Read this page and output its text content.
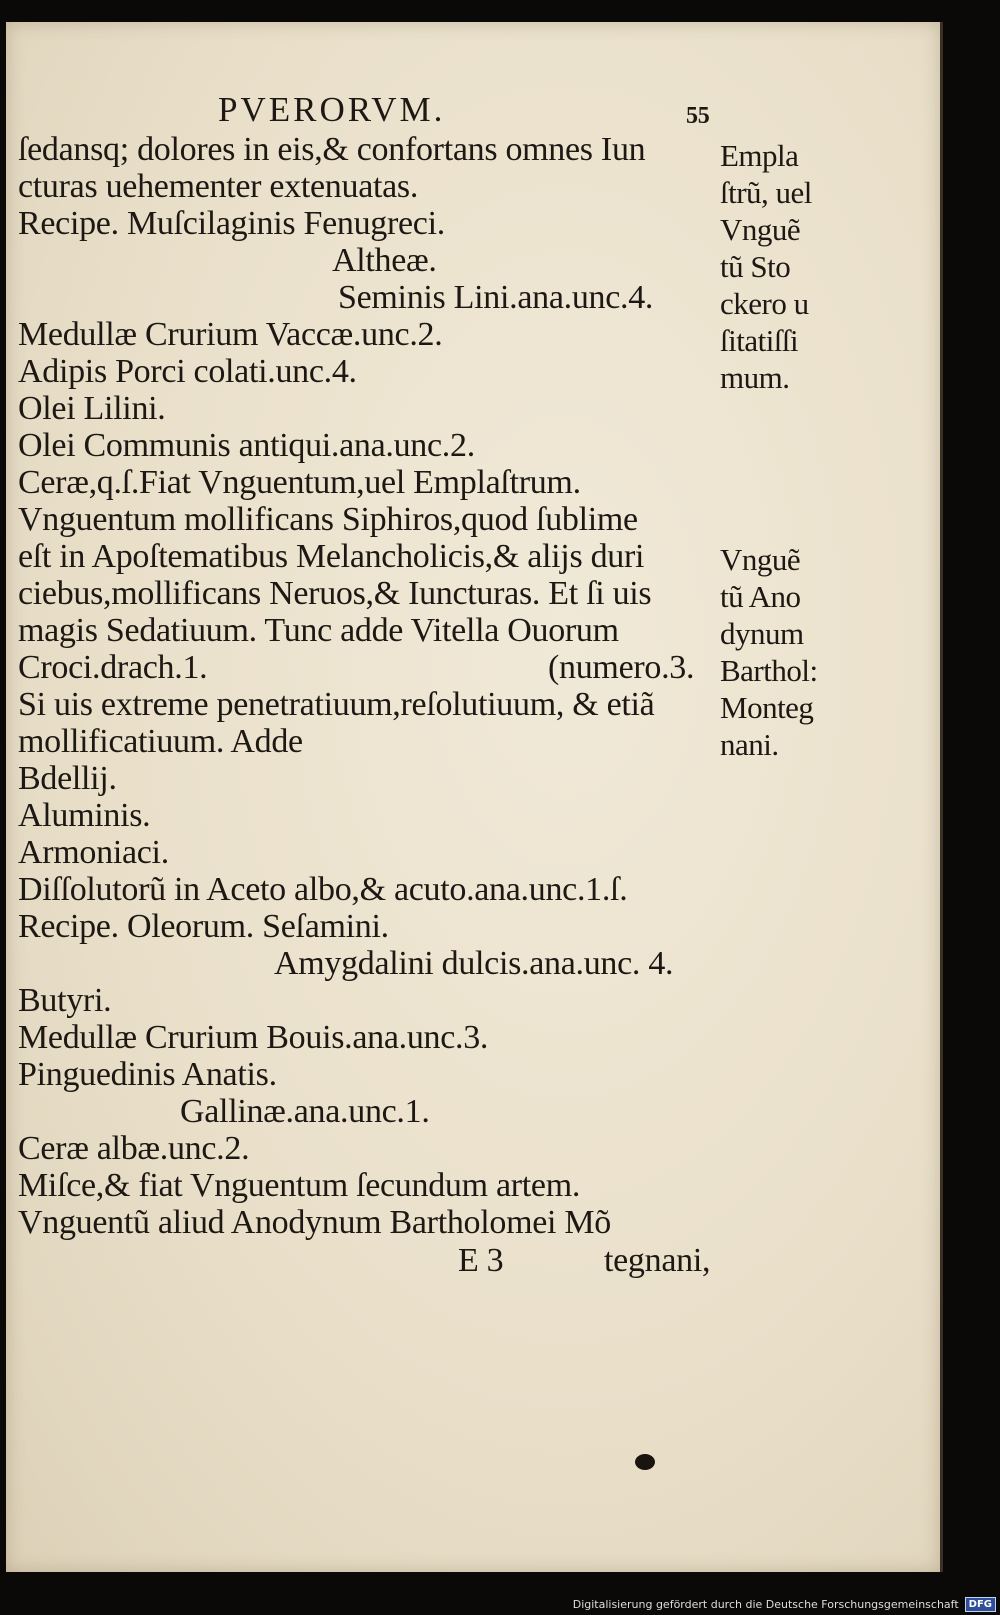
PVERORVM.	55
ſedansq; dolores in eis,& confortans omnes Iun
cturas uehementer extenuatas.
Recipe. Muſcilaginis Fenugreci.
Altheæ.
Seminis Lini.ana.unc.4.
Medullæ Crurium Vaccæ.unc.2.
Adipis Porci colati.unc.4.
Olei Lilini.
Olei Communis antiqui.ana.unc.2.
Ceræ,q.ſ.Fiat Vnguentum,uel Emplaſtrum.
Vnguentum mollificans Siphiros,quod ſublime
eſt in Apoſtematibus Melancholicis,& alijs duri
ciebus,mollificans Neruos,& Iuncturas. Et ſi uis
magis Sedatiuum. Tunc adde Vitella Ouorum
Croci.drach.1.	(numero.3.
Si uis extreme penetratiuum,reſolutiuum, & etiã
mollificatiuum. Adde
Bdellij.
Aluminis.
Armoniaci.
Diſſolutorũ in Aceto albo,& acuto.ana.unc.1.ſ.
Recipe. Oleorum. Seſamini.
Amygdalini dulcis.ana.unc. 4.
Butyri.
Medullæ Crurium Bouis.ana.unc.3.
Pinguedinis Anatis.
Gallinæ.ana.unc.1.
Ceræ albæ.unc.2.
Miſce,& fiat Vnguentum ſecundum artem.
Vnguentũ aliud Anodynum Bartholomei Mõ
E 3	tegnani,
Empla
ſtrũ, uel
Vnguẽ
tũ Sto
ckero u
ſitatiſſi
mum.
Vnguẽ
tũ Ano
dynum
Barthol:
Monteg
nani.
Digitalisierung gefördert durch die Deutsche Forschungsgemeinschaft	DFG
